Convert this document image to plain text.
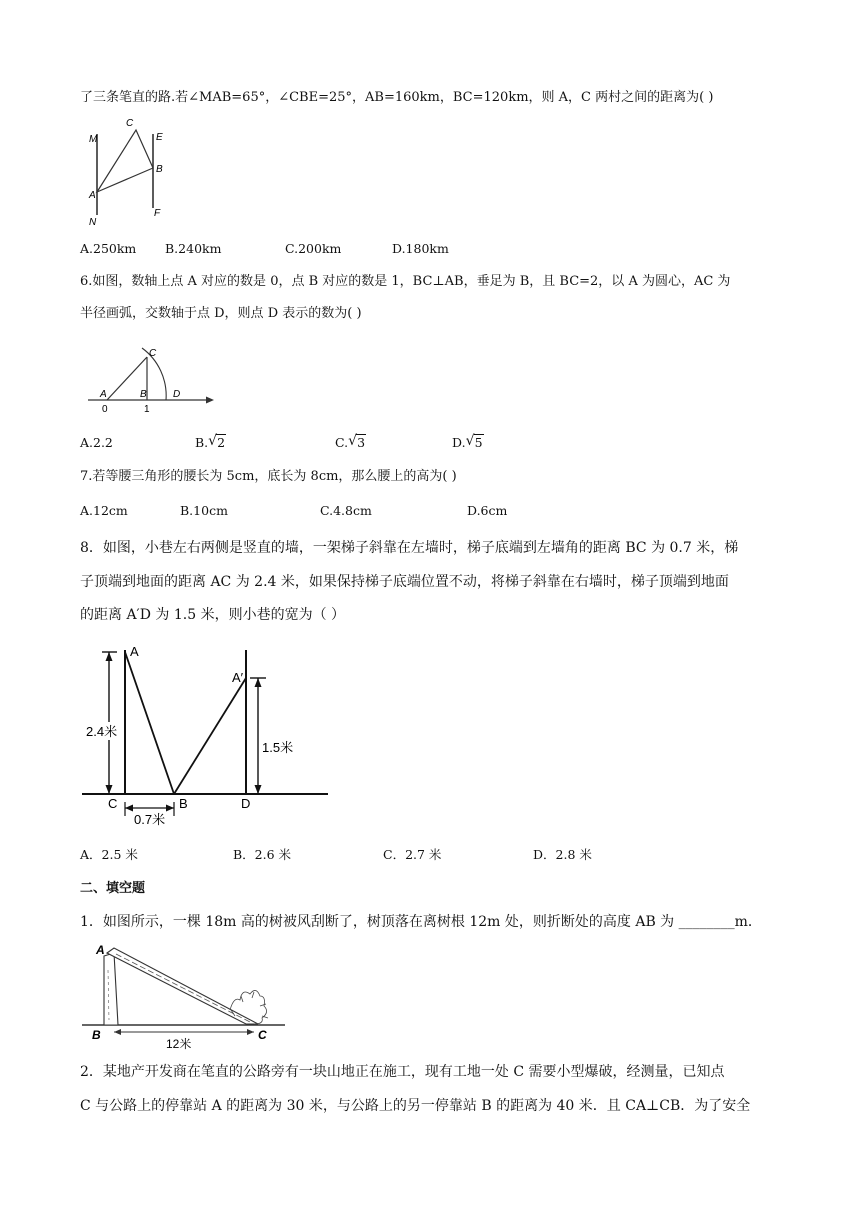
了三条笔直的路.若∠MAB=65°，∠CBE=25°，AB=160km，BC=120km，则 A，C 两村之间的距离为( )
M
C
E
A
B
N
F
A.250km B.240km	C.200km	D.180km
6.如图，数轴上点 A 对应的数是 0，点 B 对应的数是 1，BC⊥AB，垂足为 B，且 BC=2，以 A 为圆心，AC 为
半径画弧，交数轴于点 D，则点 D 表示的数为( )
C
A	B	D
0	1
A.2.2	B. √ 2	C. √ 3	D. √ 5
7.若等腰三角形的腰长为 5cm，底长为 8cm，那么腰上的高为( )
A.12cm	B.10cm	C.4.8cm	D.6cm
8．如图，小巷左右两侧是竖直的墙，一架梯子斜靠在左墙时，梯子底端到左墙角的距离 BC 为 0.7 米，梯
子顶端到地面的距离 AC 为 2.4 米，如果保持梯子底端位置不动，将梯子斜靠在右墙时，梯子顶端到地面
的距离 A′D 为 1.5 米，则小巷的宽为（ ）
2.4米
1.5米
0.7米
A
A′
C	B	D
A．2.5 米	B．2.6 米	C．2.7 米	D．2.8 米
二、填空题
1．如图所示，一棵 18m 高的树被风刮断了，树顶落在离树根 12m 处，则折断处的高度 AB 为 ________m．
12米
A
B	C
2．某地产开发商在笔直的公路旁有一块山地正在施工，现有工地一处 C 需要小型爆破，经测量，已知点
C 与公路上的停靠站 A 的距离为 30 米，与公路上的另一停靠站 B 的距离为 40 米．且 CA⊥CB．为了安全
